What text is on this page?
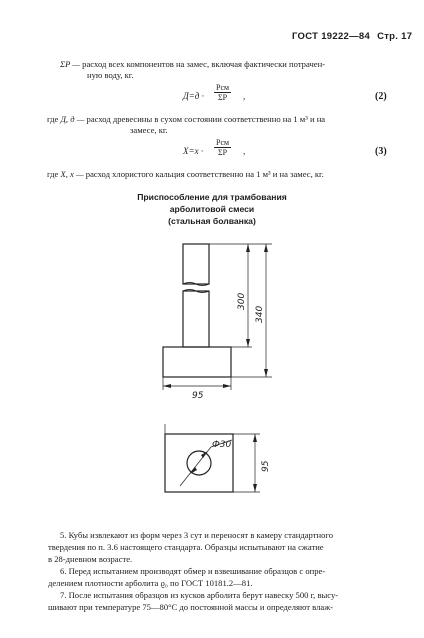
ГОСТ 19222—84 Стр. 17
ΣP — расход всех компонентов на замес, включая фактически потрачен-
ную воду, кг.
Д=д ·
Pсм
ΣP	,	(2)
где Д, д — расход древесины в сухом состоянии соответственно на 1 м³ и на
замесе, кг.
X=х ·
Pсм
ΣP	,	(3)
где X, х — расход хлористого кальция соответственно на 1 м³ и на замес, кг.
Приспособление для трамбования
арболитовой смеси
(стальная болванка)
300
340
95
Ф30
95
5. Кубы извлекают из форм через 3 сут и переносят в камеру стандартного
твердения по п. 3.6 настоящего стандарта. Образцы испытывают на сжатие
в 28-дневном возрасте.
6. Перед испытанием производят обмер и взвешивание образцов с опре-
делением плотности арболита ϱ₀ по ГОСТ 10181.2—81.
7. После испытания образцов из кусков арболита берут навеску 500 г, высу-
шивают при температуре 75—80°С до постоянной массы и определяют влаж-
